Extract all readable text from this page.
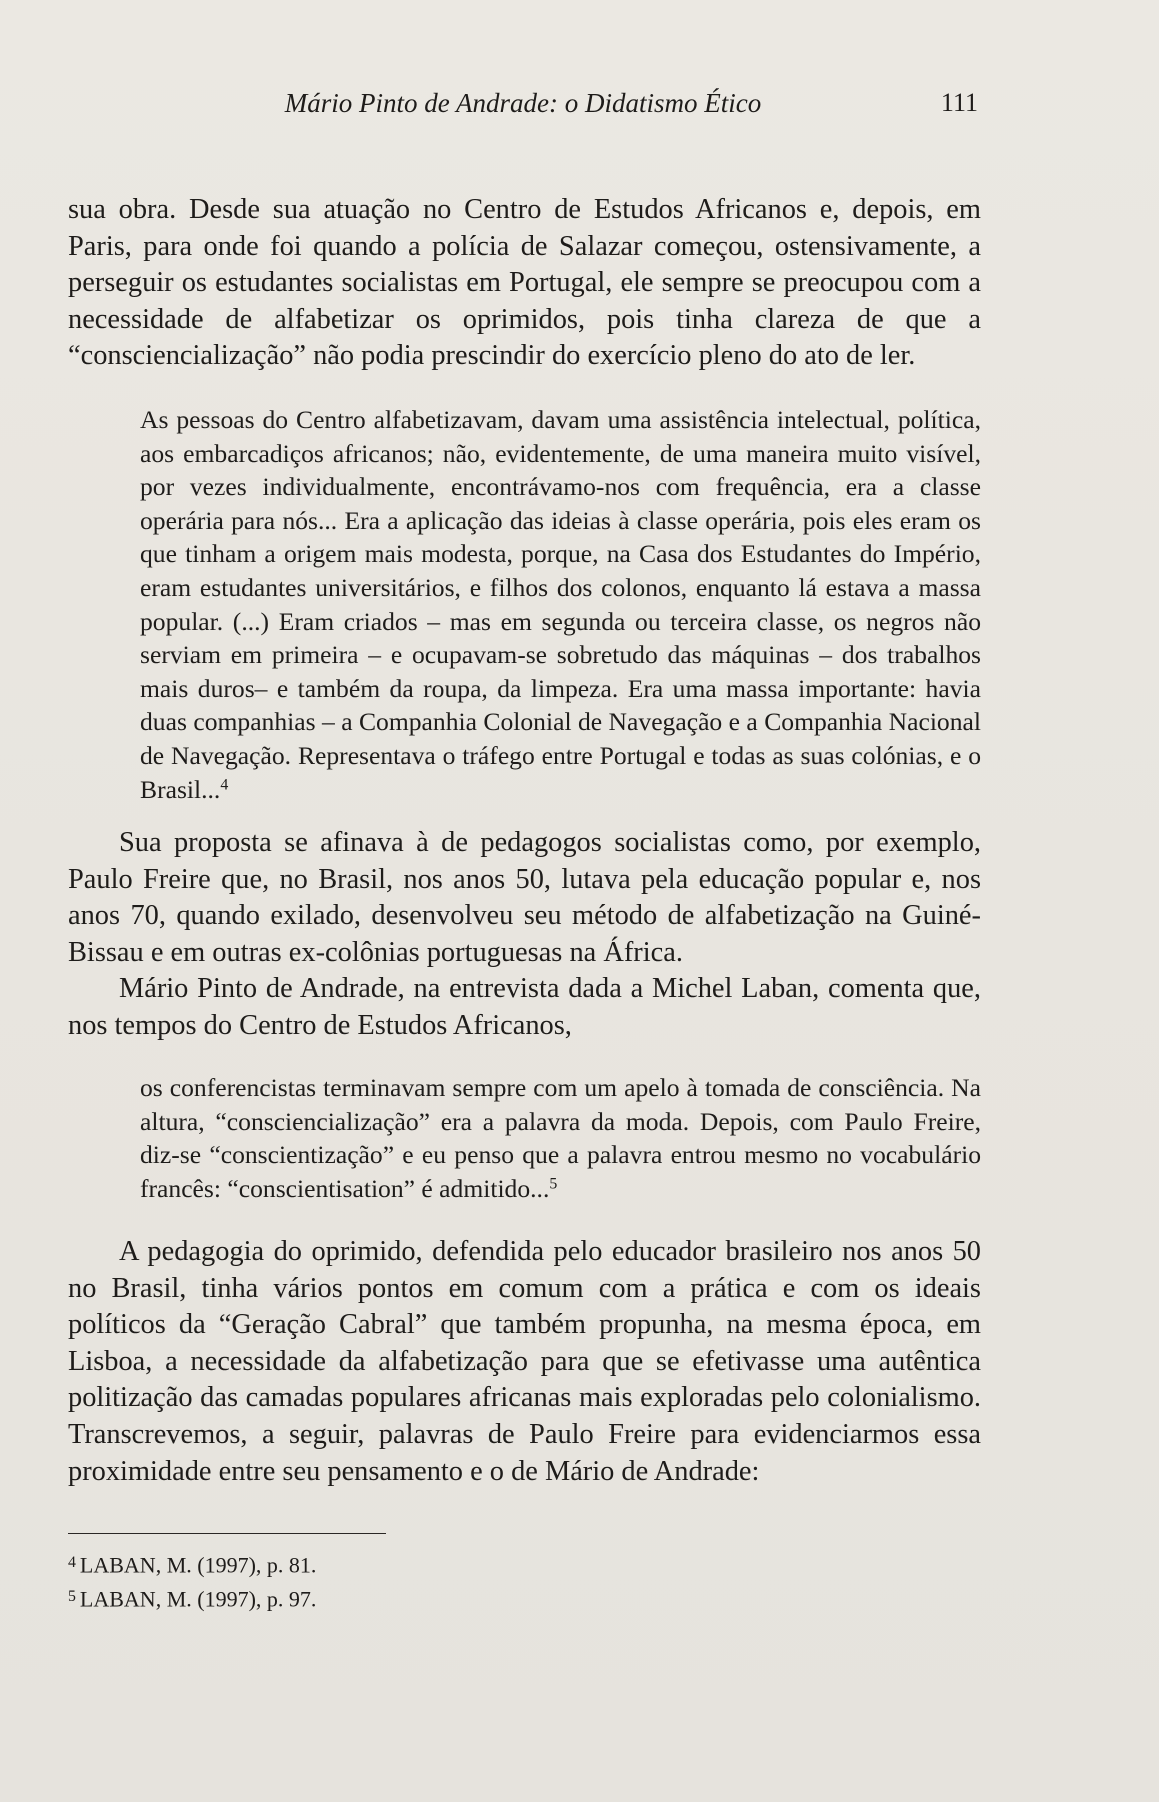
Mário Pinto de Andrade: o Didatismo Ético	111

sua obra. Desde sua atuação no Centro de Estudos Africanos e, depois, em Paris, para onde foi quando a polícia de Salazar começou, ostensivamente, a perseguir os estudantes socialistas em Portugal, ele sempre se preocupou com a necessidade de alfabetizar os oprimidos, pois tinha clareza de que a “consciencialização” não podia prescindir do exercício pleno do ato de ler.

As pessoas do Centro alfabetizavam, davam uma assistência intelectual, política, aos embarcadiços africanos; não, evidentemente, de uma maneira muito visível, por vezes individualmente, encontrávamo-nos com frequência, era a classe operária para nós... Era a aplicação das ideias à classe operária, pois eles eram os que tinham a origem mais modesta, porque, na Casa dos Estudantes do Império, eram estudantes universitários, e filhos dos colonos, enquanto lá estava a massa popular. (...) Eram criados – mas em segunda ou terceira classe, os negros não serviam em primeira – e ocupavam-se sobretudo das máquinas – dos trabalhos mais duros– e também da roupa, da limpeza. Era uma massa importante: havia duas companhias – a Companhia Colonial de Navegação e a Companhia Nacional de Navegação. Representava o tráfego entre Portugal e todas as suas colónias, e o Brasil...$^4$

Sua proposta se afinava à de pedagogos socialistas como, por exemplo, Paulo Freire que, no Brasil, nos anos 50, lutava pela educação popular e, nos anos 70, quando exilado, desenvolveu seu método de alfabetização na Guiné-Bissau e em outras ex-colônias portuguesas na África.

Mário Pinto de Andrade, na entrevista dada a Michel Laban, comenta que, nos tempos do Centro de Estudos Africanos,

os conferencistas terminavam sempre com um apelo à tomada de consciência. Na altura, “consciencialização” era a palavra da moda. Depois, com Paulo Freire, diz-se “conscientização” e eu penso que a palavra entrou mesmo no vocabulário francês: “conscientisation” é admitido...$^5$

A pedagogia do oprimido, defendida pelo educador brasileiro nos anos 50 no Brasil, tinha vários pontos em comum com a prática e com os ideais políticos da “Geração Cabral” que também propunha, na mesma época, em Lisboa, a necessidade da alfabetização para que se efetivasse uma autêntica politização das camadas populares africanas mais exploradas pelo colonialismo. Transcrevemos, a seguir, palavras de Paulo Freire para evidenciarmos essa proximidade entre seu pensamento e o de Mário de Andrade:

$^4$ LABAN, M. (1997), p. 81.
$^5$ LABAN, M. (1997), p. 97.
